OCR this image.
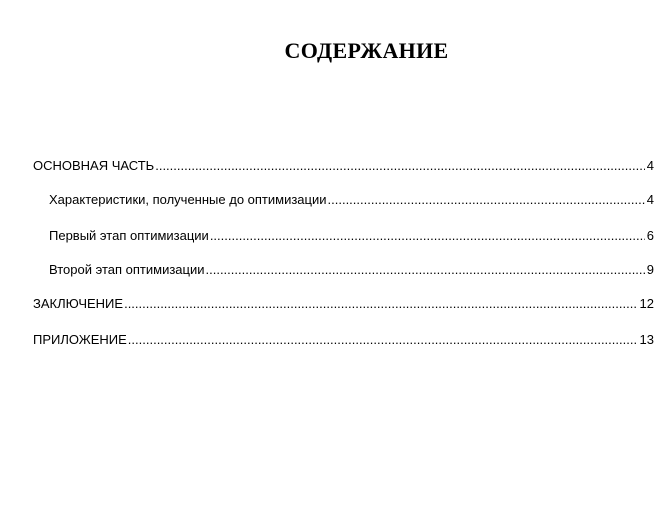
СОДЕРЖАНИЕ
ОСНОВНАЯ ЧАСТЬ .....	4
Характеристики, полученные до оптимизации .....	4
Первый этап оптимизации .....	6
Второй этап оптимизации .....	9
ЗАКЛЮЧЕНИЕ .....	12
ПРИЛОЖЕНИЕ .....	13
